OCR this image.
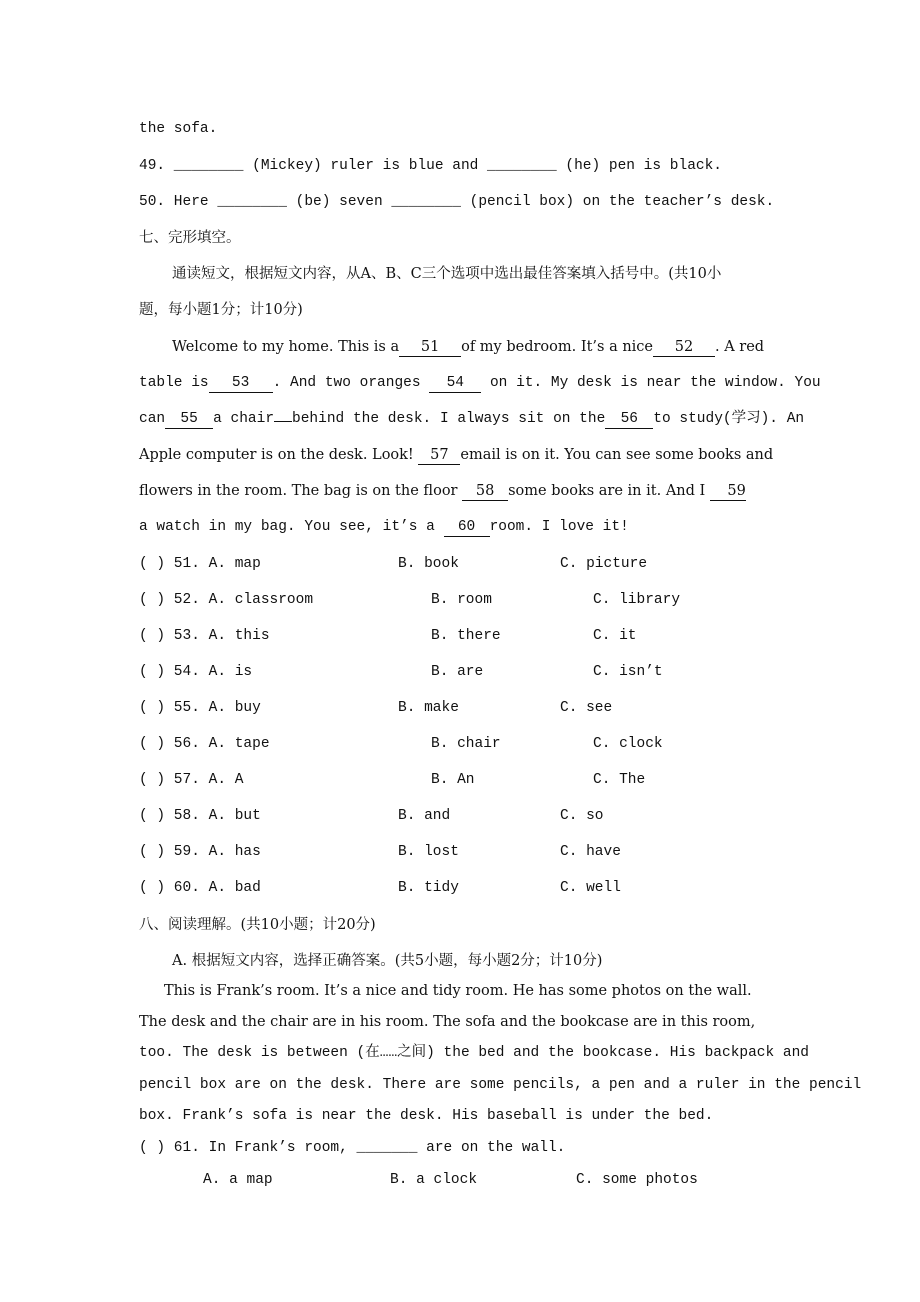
the sofa.
49. ________ (Mickey) ruler is blue and ________ (he) pen is black.
50. Here ________ (be) seven ________ (pencil box) on the teacher’s desk.
七、完形填空。
通读短文，根据短文内容，从A、B、C三个选项中选出最佳答案填入括号中。(共10小
题，每小题1分；计10分)
Welcome to my home. This is a 51 of my bedroom. It’s a nice 52 . A red
table is 53 . And two oranges 54 on it. My desk is near the window. You
can 55 a chair behind the desk. I always sit on the 56 to study(学习). An
Apple computer is on the desk. Look! 57 email is on it. You can see some books and
flowers in the room. The bag is on the floor 58 some books are in it. And I 59
a watch in my bag. You see, it’s a 60 room. I love it!
( ) 51. A. map	B. book	C. picture
( ) 52. A. classroom	B. room	C. library
( ) 53. A. this	B. there	C. it
( ) 54. A. is	B. are	C. isn’t
( ) 55. A. buy	B. make	C. see
( ) 56. A. tape	B. chair	C. clock
( ) 57. A. A	B. An	C. The
( ) 58. A. but	B. and	C. so
( ) 59. A. has	B. lost	C. have
( ) 60. A. bad	B. tidy	C. well
八、阅读理解。(共10小题；计20分)
A. 根据短文内容，选择正确答案。(共5小题，每小题2分；计10分)
This is Frank’s room. It’s a nice and tidy room. He has some photos on the wall.
The desk and the chair are in his room. The sofa and the bookcase are in this room,
too. The desk is between (在……之间) the bed and the bookcase. His backpack and
pencil box are on the desk. There are some pencils, a pen and a ruler in the pencil
box. Frank’s sofa is near the desk. His baseball is under the bed.
( ) 61. In Frank’s room, _______ are on the wall.
A. a map	B. a clock	C. some photos
